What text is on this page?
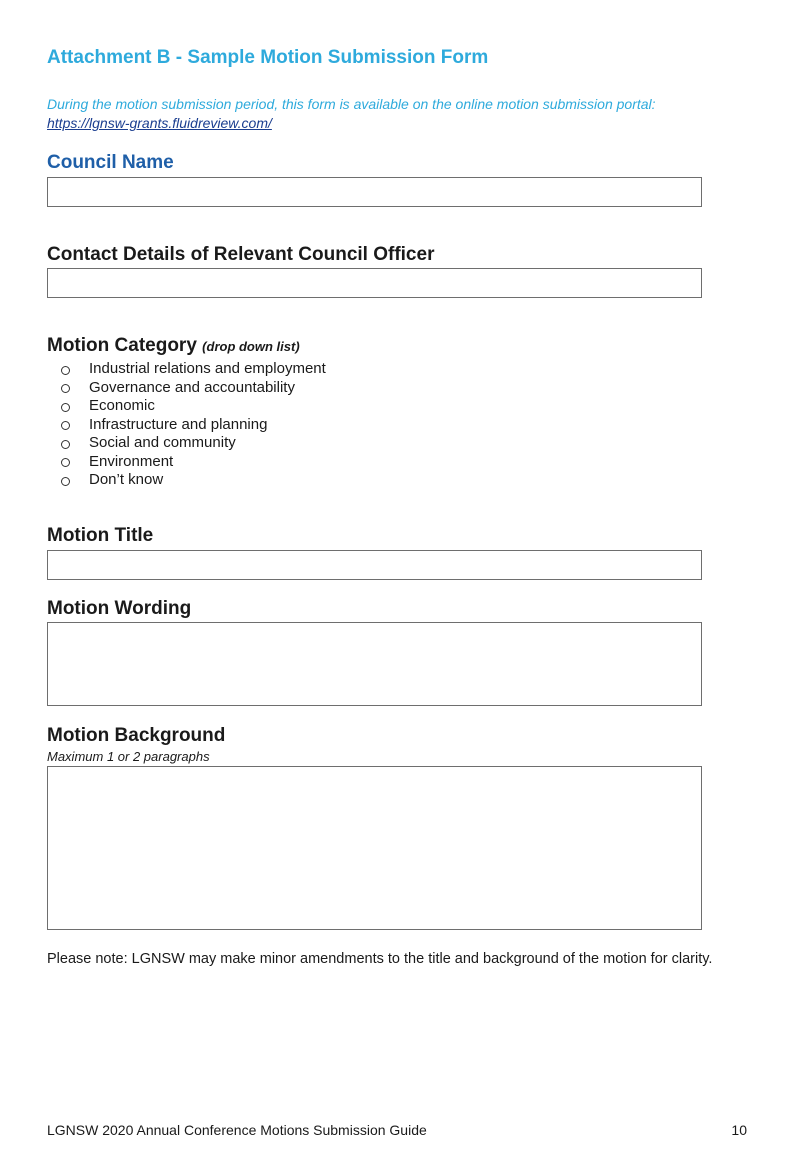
Attachment B - Sample Motion Submission Form
During the motion submission period, this form is available on the online motion submission portal:
https://lgnsw-grants.fluidreview.com/
Council Name
Contact Details of Relevant Council Officer
Motion Category (drop down list)
Industrial relations and employment
Governance and accountability
Economic
Infrastructure and planning
Social and community
Environment
Don’t know
Motion Title
Motion Wording
Motion Background
Maximum 1 or 2 paragraphs
Please note: LGNSW may make minor amendments to the title and background of the motion for clarity.
LGNSW 2020 Annual Conference Motions Submission Guide	10
